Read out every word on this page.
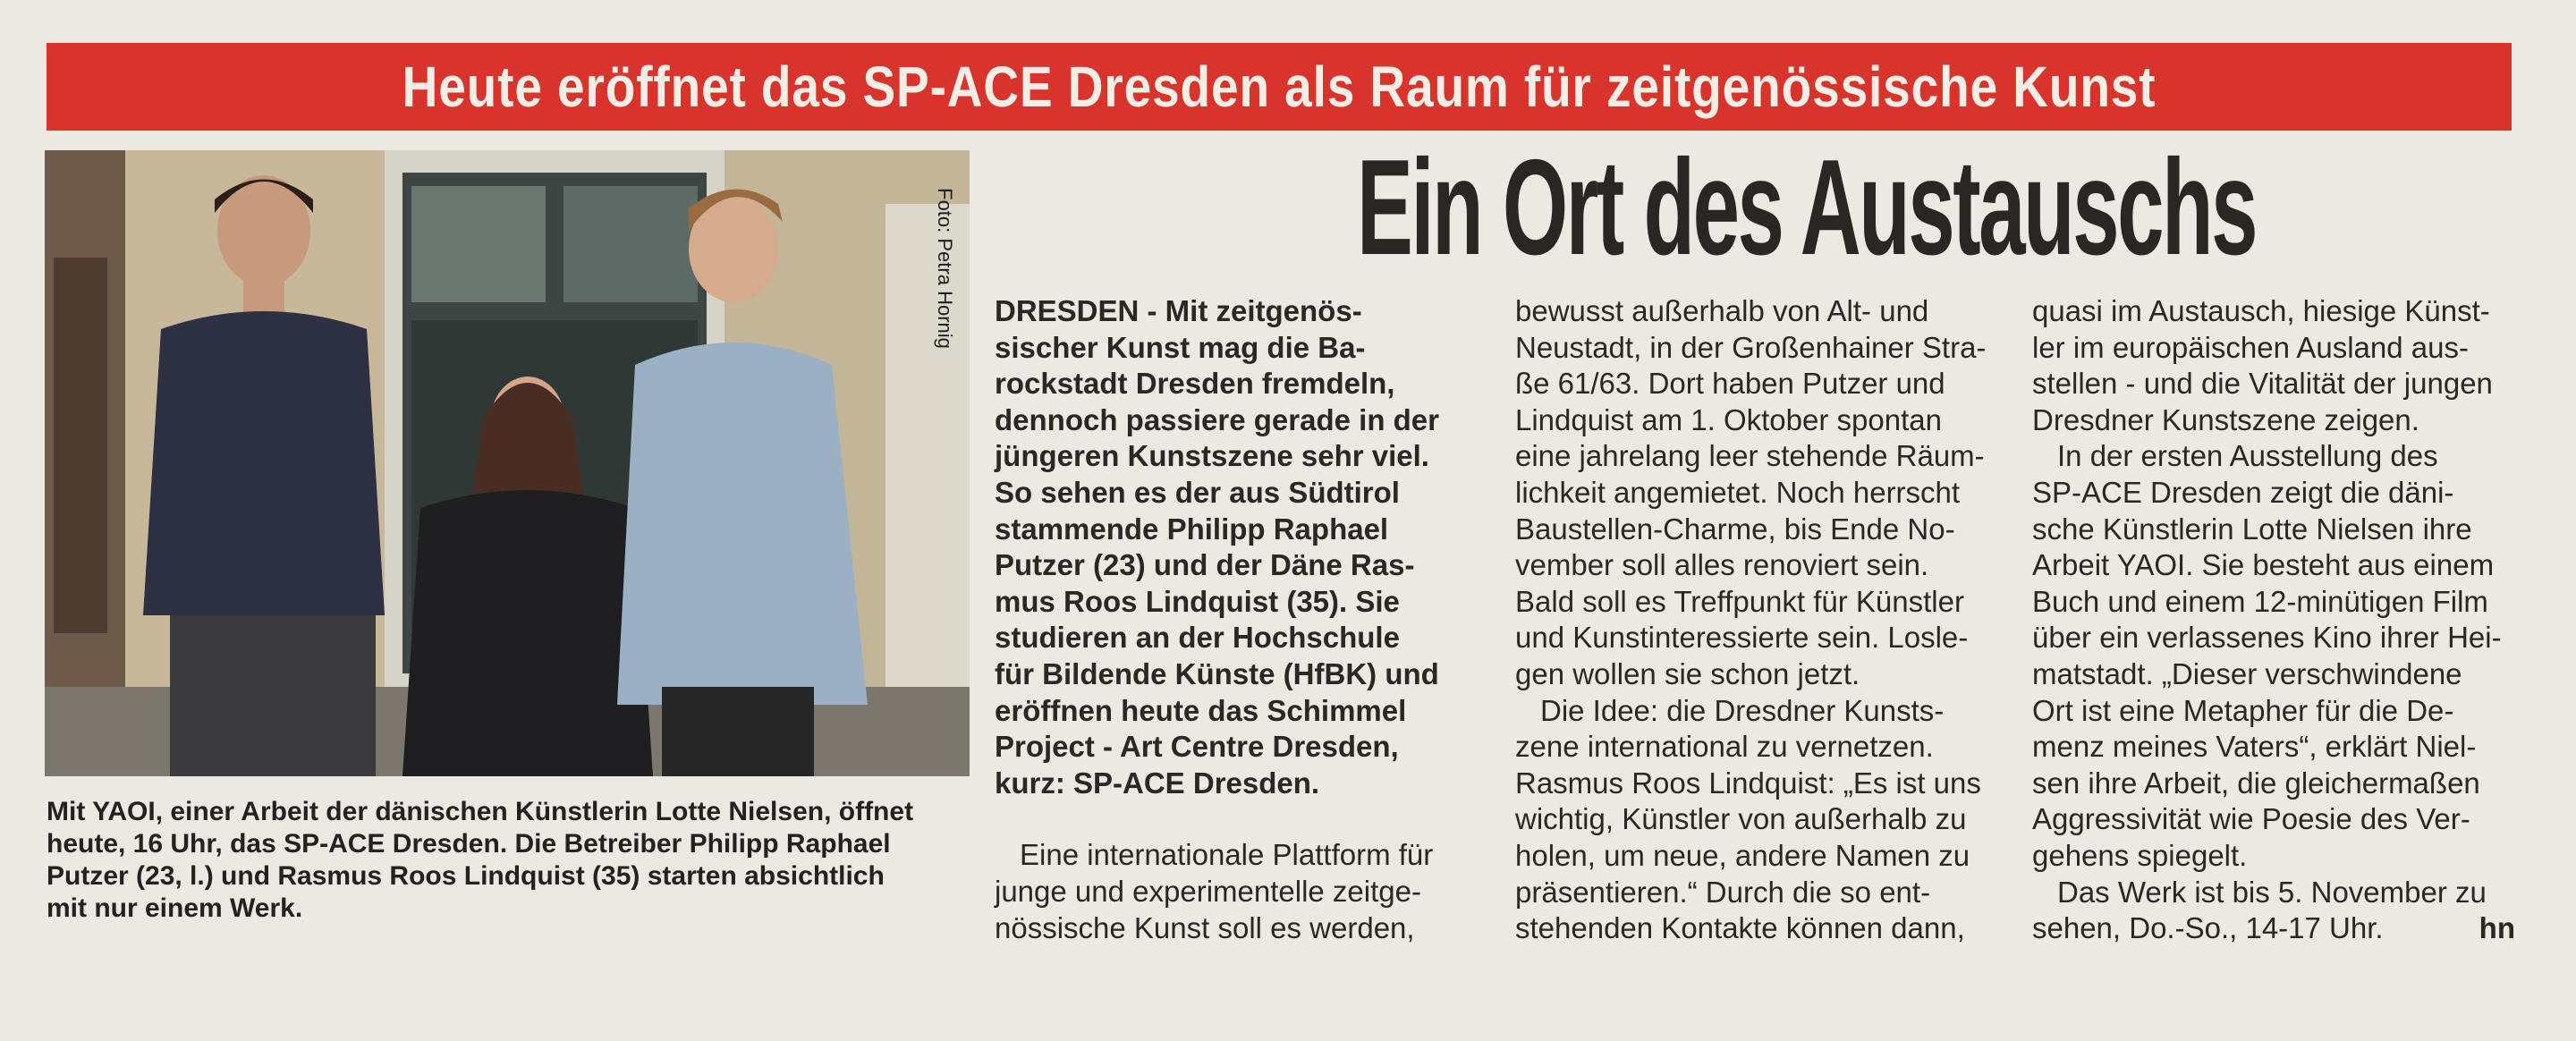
Heute eröffnet das SP-ACE Dresden als Raum für zeitgenössische Kunst
Foto: Petra Hornig	Ein Ort des Austauschs
Mit YAOI, einer Arbeit der dänischen Künstlerin Lotte Nielsen, öffnet
heute, 16 Uhr, das SP-ACE Dresden. Die Betreiber Philipp Raphael
Putzer (23, l.) und Rasmus Roos Lindquist (35) starten absichtlich
mit nur einem Werk.
DRESDEN - Mit zeitgenös-
sischer Kunst mag die Ba-
rockstadt Dresden fremdeln,
dennoch passiere gerade in der
jüngeren Kunstszene sehr viel.
So sehen es der aus Südtirol
stammende Philipp Raphael
Putzer (23) und der Däne Ras-
mus Roos Lindquist (35). Sie
studieren an der Hochschule
für Bildende Künste (HfBK) und
eröffnen heute das Schimmel
Project - Art Centre Dresden,
kurz: SP-ACE Dresden.
Eine internationale Plattform für
junge und experimentelle zeitge-
nössische Kunst soll es werden,
bewusst außerhalb von Alt- und
Neustadt, in der Großenhainer Stra-
ße 61/63. Dort haben Putzer und
Lindquist am 1. Oktober spontan
eine jahrelang leer stehende Räum-
lichkeit angemietet. Noch herrscht
Baustellen-Charme, bis Ende No-
vember soll alles renoviert sein.
Bald soll es Treffpunkt für Künstler
und Kunstinteressierte sein. Losle-
gen wollen sie schon jetzt.
Die Idee: die Dresdner Kunsts-
zene international zu vernetzen.
Rasmus Roos Lindquist: „Es ist uns
wichtig, Künstler von außerhalb zu
holen, um neue, andere Namen zu
präsentieren.“ Durch die so ent-
stehenden Kontakte können dann,
quasi im Austausch, hiesige Künst-
ler im europäischen Ausland aus-
stellen - und die Vitalität der jungen
Dresdner Kunstszene zeigen.
In der ersten Ausstellung des
SP-ACE Dresden zeigt die däni-
sche Künstlerin Lotte Nielsen ihre
Arbeit YAOI. Sie besteht aus einem
Buch und einem 12-minütigen Film
über ein verlassenes Kino ihrer Hei-
matstadt. „Dieser verschwindene
Ort ist eine Metapher für die De-
menz meines Vaters“, erklärt Niel-
sen ihre Arbeit, die gleichermaßen
Aggressivität wie Poesie des Ver-
gehens spiegelt.
Das Werk ist bis 5. November zu
sehen, Do.-So., 14-17 Uhr.	hn
